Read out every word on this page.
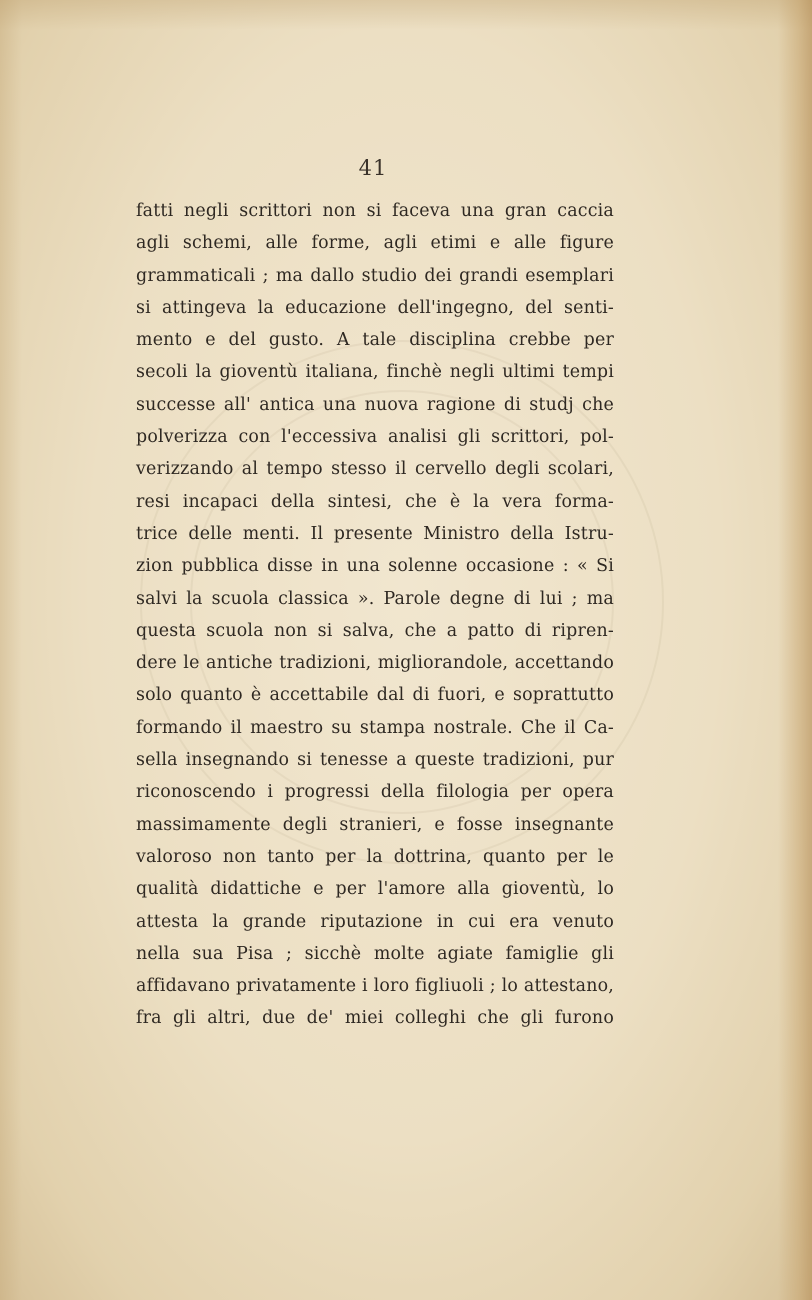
41
fatti negli scrittori non si faceva una gran caccia
agli schemi, alle forme, agli etimi e alle figure
grammaticali ; ma dallo studio dei grandi esemplari
si attingeva la educazione dell'ingegno, del senti-
mento e del gusto. A tale disciplina crebbe per
secoli la gioventù italiana, finchè negli ultimi tempi
successe all' antica una nuova ragione di studj che
polverizza con l'eccessiva analisi gli scrittori, pol-
verizzando al tempo stesso il cervello degli scolari,
resi incapaci della sintesi, che è la vera forma-
trice delle menti. Il presente Ministro della Istru-
zion pubblica disse in una solenne occasione : « Si
salvi la scuola classica ». Parole degne di lui ; ma
questa scuola non si salva, che a patto di ripren-
dere le antiche tradizioni, migliorandole, accettando
solo quanto è accettabile dal di fuori, e soprattutto
formando il maestro su stampa nostrale. Che il Ca-
sella insegnando si tenesse a queste tradizioni, pur
riconoscendo i progressi della filologia per opera
massimamente degli stranieri, e fosse insegnante
valoroso non tanto per la dottrina, quanto per le
qualità didattiche e per l'amore alla gioventù, lo
attesta la grande riputazione in cui era venuto
nella sua Pisa ; sicchè molte agiate famiglie gli
affidavano privatamente i loro figliuoli ; lo attestano,
fra gli altri, due de' miei colleghi che gli furono
